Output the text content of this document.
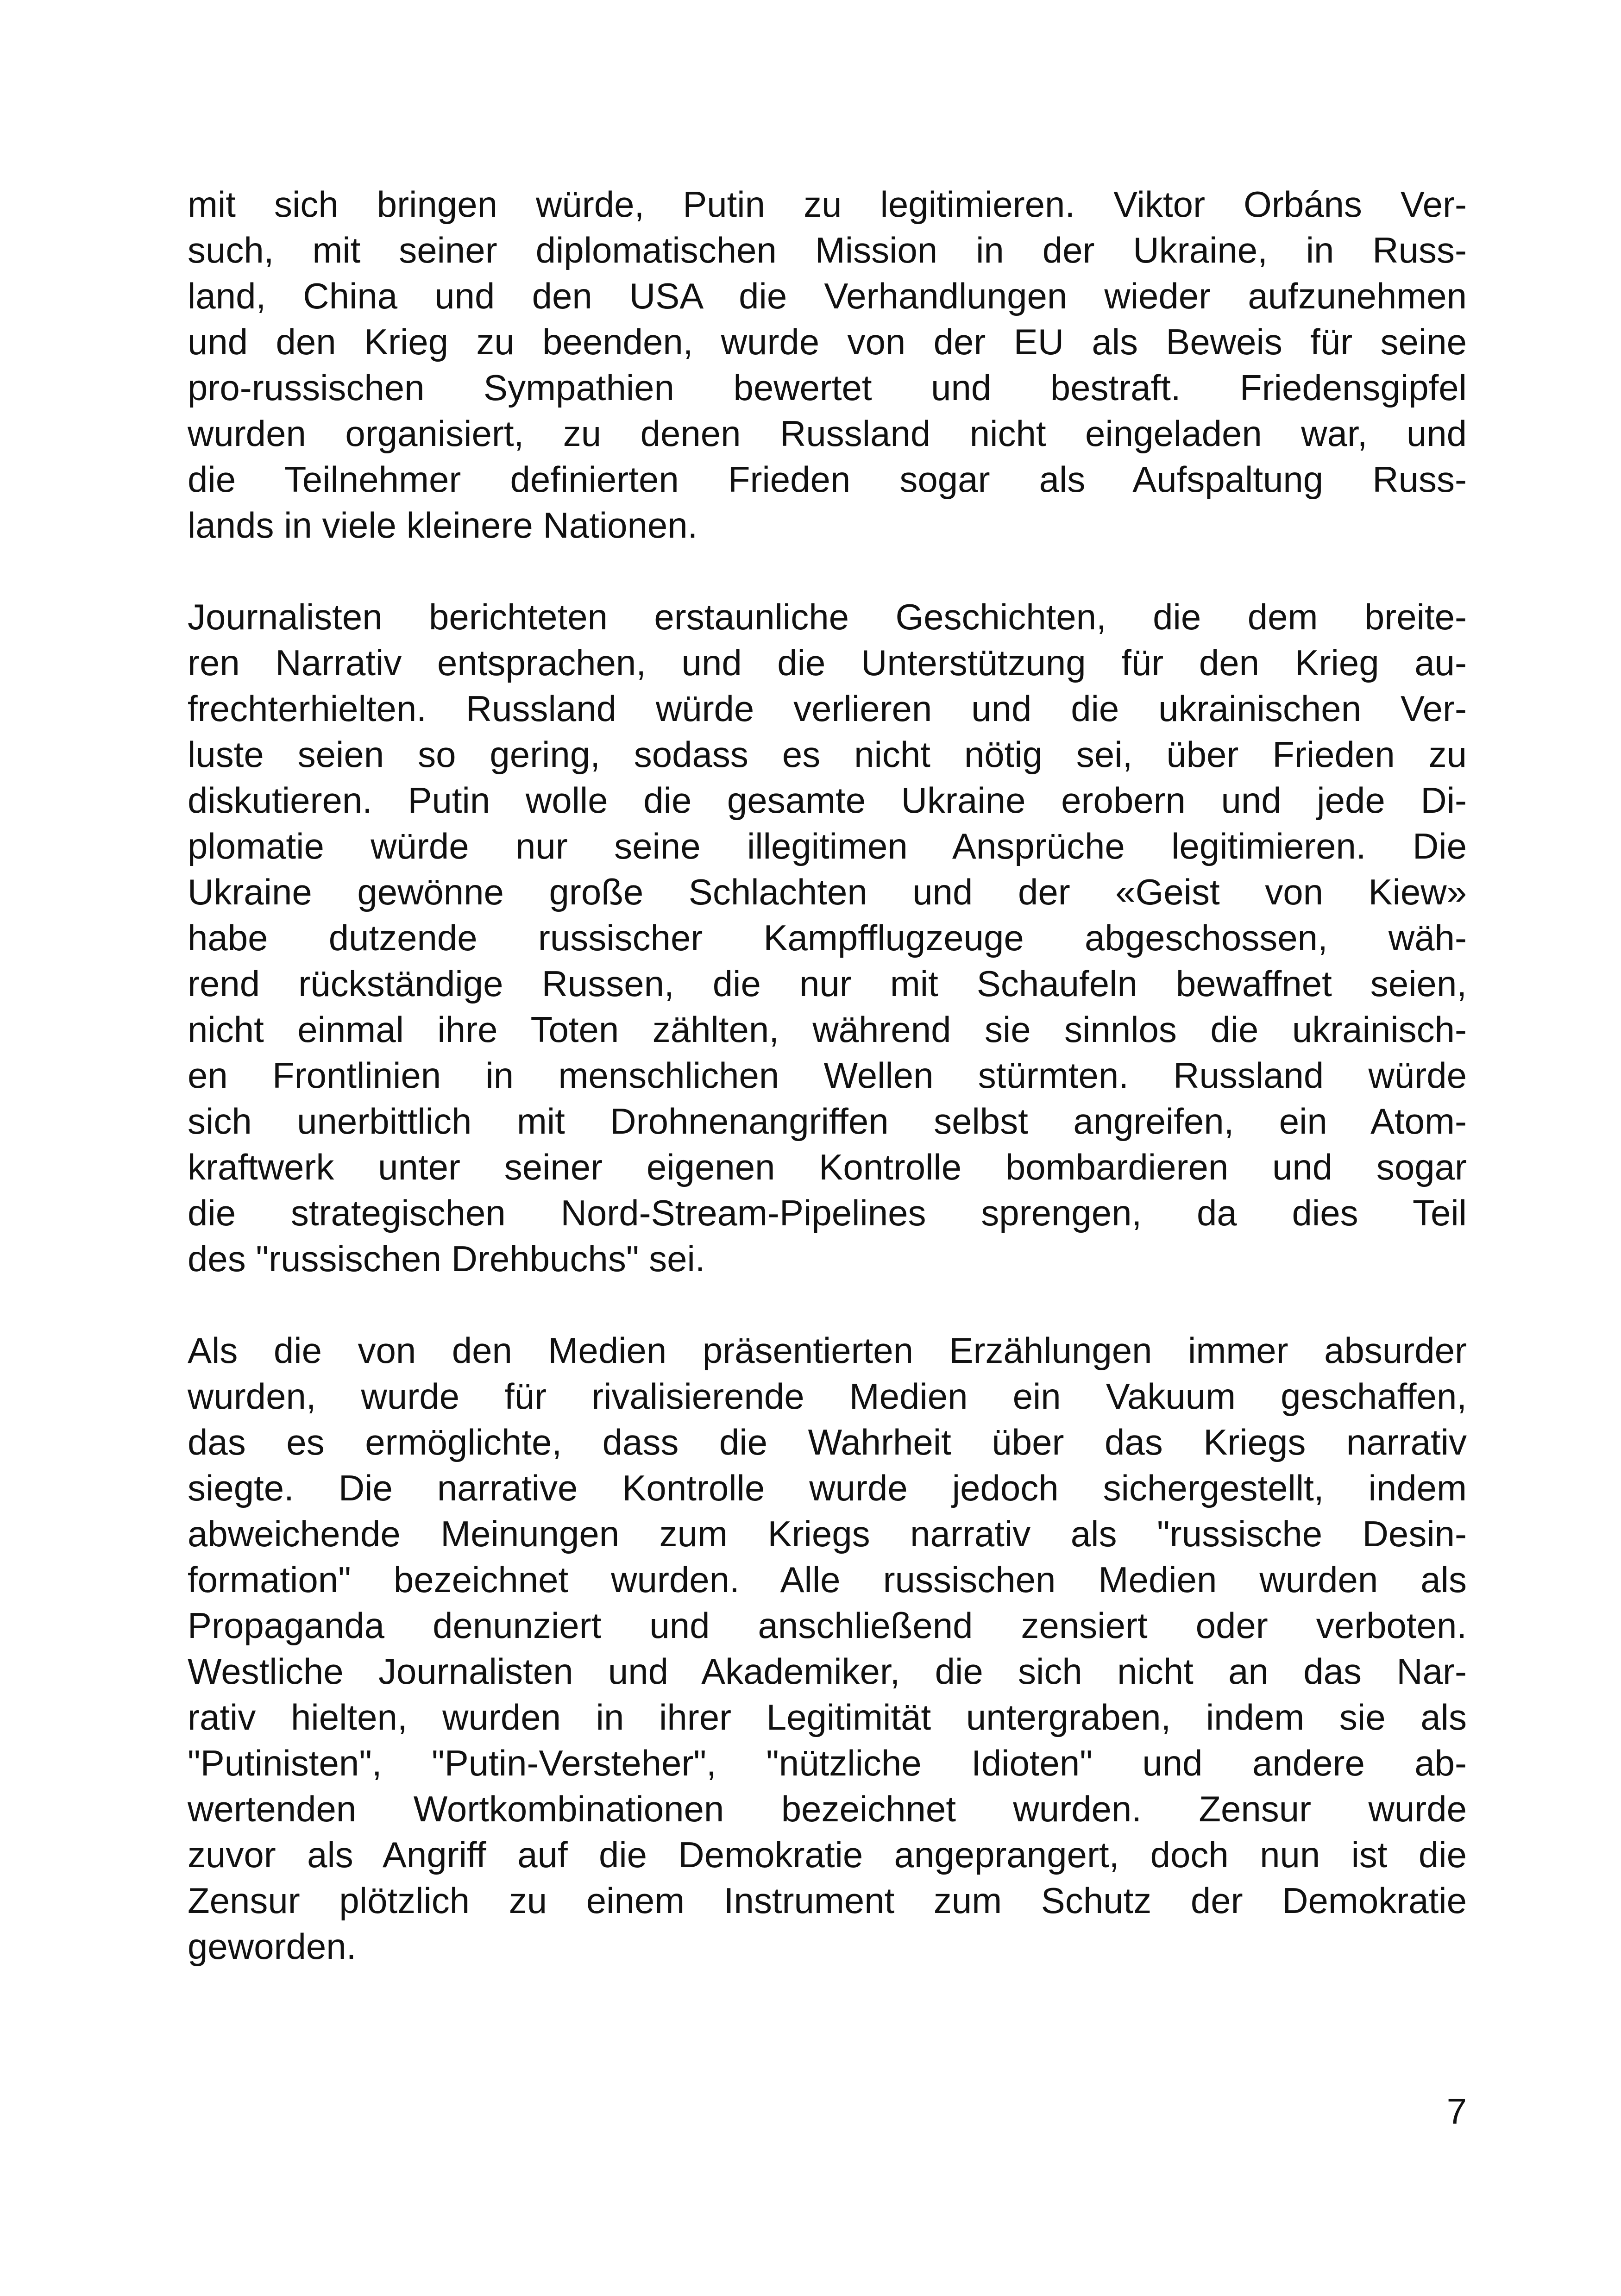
mit sich bringen würde, Putin zu legitimieren. Viktor Orbáns Ver-
such, mit seiner diplomatischen Mission in der Ukraine, in Russ-
land, China und den USA die Verhandlungen wieder aufzunehmen
und den Krieg zu beenden, wurde von der EU als Beweis für seine
pro-russischen Sympathien bewertet und bestraft. Friedensgipfel
wurden organisiert, zu denen Russland nicht eingeladen war, und
die Teilnehmer definierten Frieden sogar als Aufspaltung Russ-
lands in viele kleinere Nationen.
Journalisten berichteten erstaunliche Geschichten, die dem breite-
ren Narrativ entsprachen, und die Unterstützung für den Krieg au-
frechterhielten. Russland würde verlieren und die ukrainischen Ver-
luste seien so gering, sodass es nicht nötig sei, über Frieden zu
diskutieren. Putin wolle die gesamte Ukraine erobern und jede Di-
plomatie würde nur seine illegitimen Ansprüche legitimieren. Die
Ukraine gewönne große Schlachten und der «Geist von Kiew»
habe dutzende russischer Kampfflugzeuge abgeschossen, wäh-
rend rückständige Russen, die nur mit Schaufeln bewaffnet seien,
nicht einmal ihre Toten zählten, während sie sinnlos die ukrainisch-
en Frontlinien in menschlichen Wellen stürmten. Russland würde
sich unerbittlich mit Drohnenangriffen selbst angreifen, ein Atom-
kraftwerk unter seiner eigenen Kontrolle bombardieren und sogar
die strategischen Nord-Stream-Pipelines sprengen, da dies Teil
des "russischen Drehbuchs" sei.
Als die von den Medien präsentierten Erzählungen immer absurder
wurden, wurde für rivalisierende Medien ein Vakuum geschaffen,
das es ermöglichte, dass die Wahrheit über das Kriegs narrativ
siegte. Die narrative Kontrolle wurde jedoch sichergestellt, indem
abweichende Meinungen zum Kriegs narrativ als "russische Desin-
formation" bezeichnet wurden. Alle russischen Medien wurden als
Propaganda denunziert und anschließend zensiert oder verboten.
Westliche Journalisten und Akademiker, die sich nicht an das Nar-
rativ hielten, wurden in ihrer Legitimität untergraben, indem sie als
"Putinisten", "Putin-Versteher", "nützliche Idioten" und andere ab-
wertenden Wortkombinationen bezeichnet wurden. Zensur wurde
zuvor als Angriff auf die Demokratie angeprangert, doch nun ist die
Zensur plötzlich zu einem Instrument zum Schutz der Demokratie
geworden.
7
